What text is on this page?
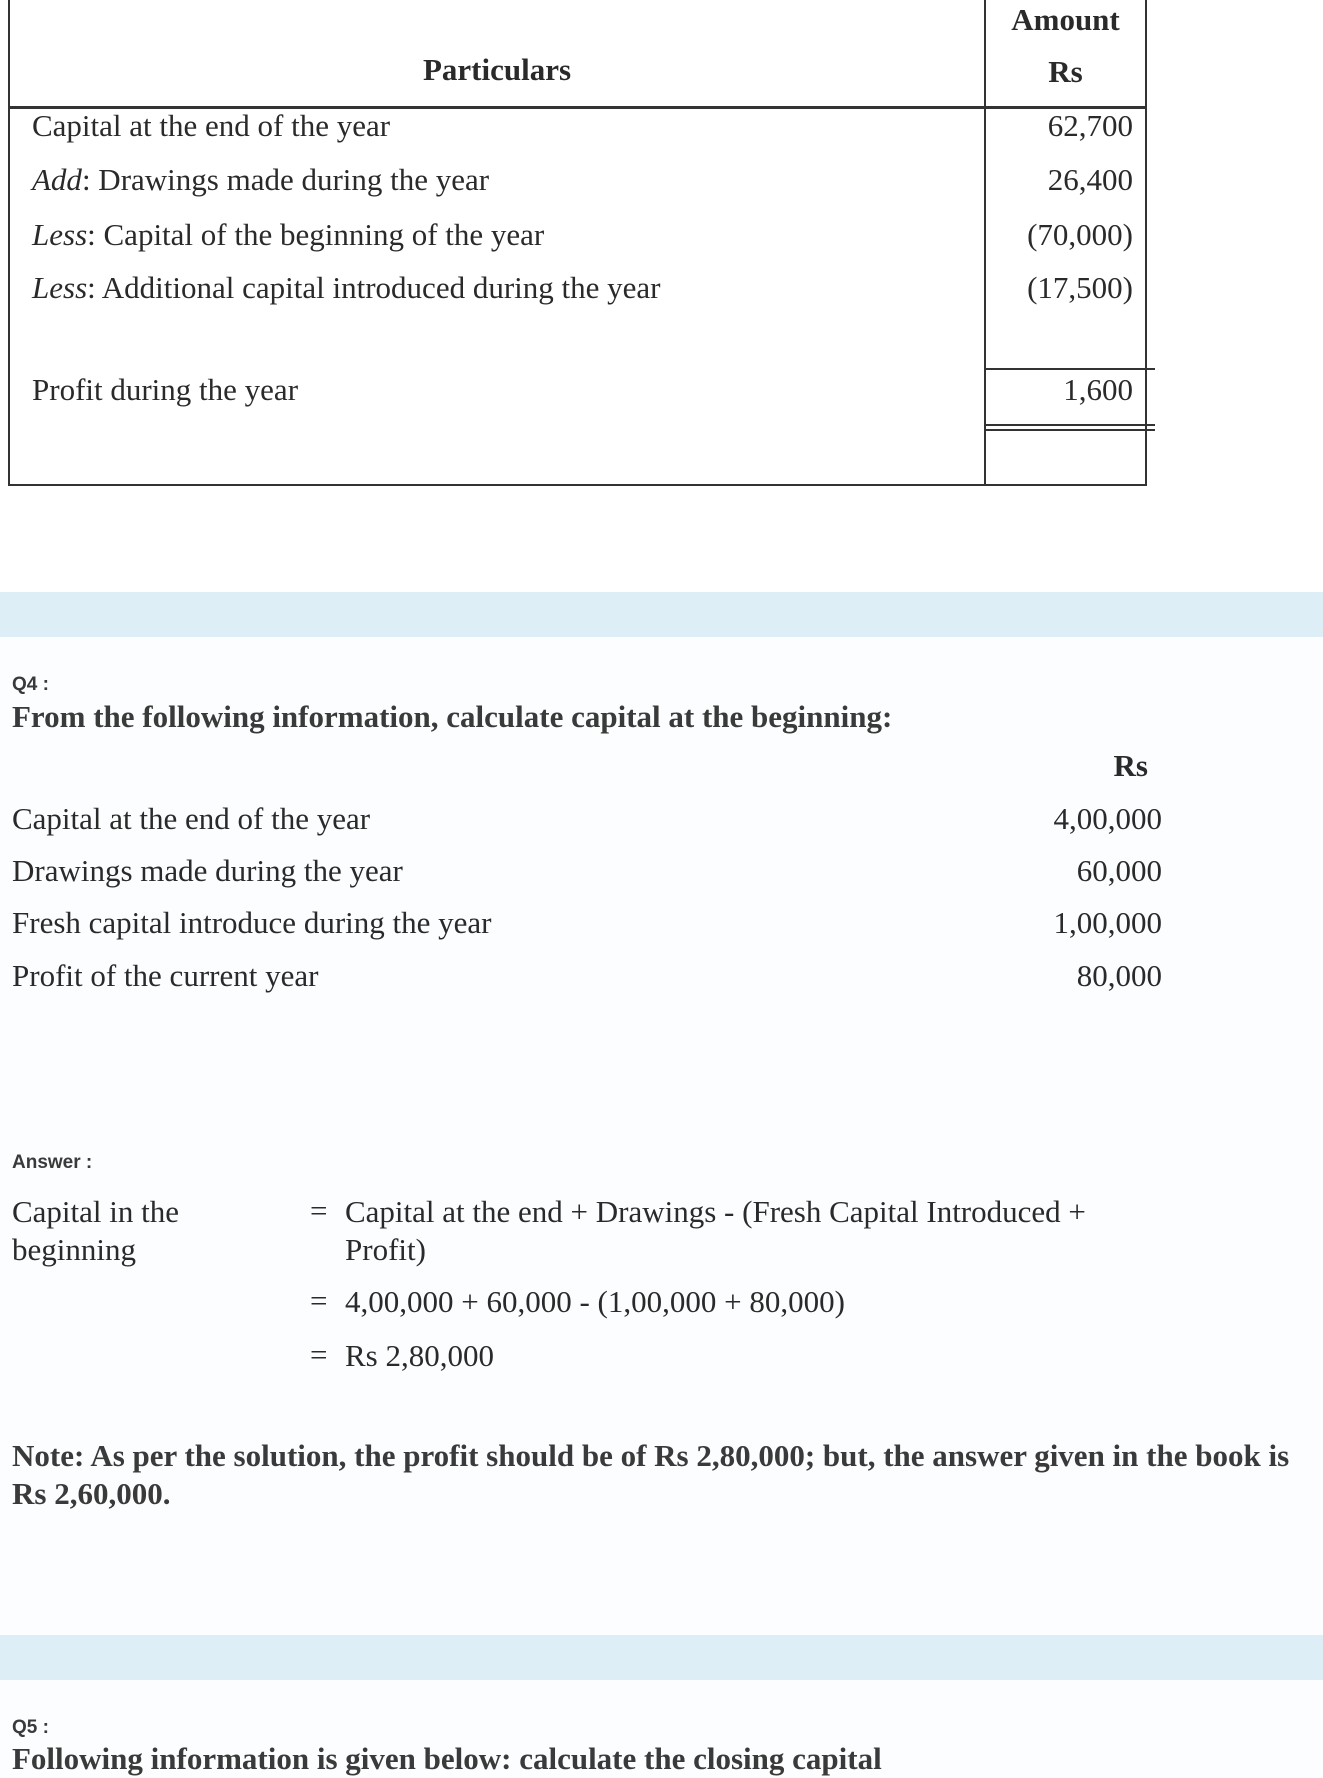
Amount
Particulars	Rs
Capital at the end of the year	62,700
Add: Drawings made during the year	26,400
Less: Capital of the beginning of the year	(70,000)
Less: Additional capital introduced during the year	(17,500)
Profit during the year	1,600
Q4 :
From the following information, calculate capital at the beginning:
Rs
Capital at the end of the year	4,00,000
Drawings made during the year	60,000
Fresh capital introduce during the year	1,00,000
Profit of the current year	80,000
Answer :
Capital in the beginning
= Capital at the end + Drawings - (Fresh Capital Introduced + Profit)
= 4,00,000 + 60,000 - (1,00,000 + 80,000)
= Rs 2,80,000
Note: As per the solution, the profit should be of Rs 2,80,000; but, the answer given in the book is Rs 2,60,000.
Q5 :
Following information is given below: calculate the closing capital
